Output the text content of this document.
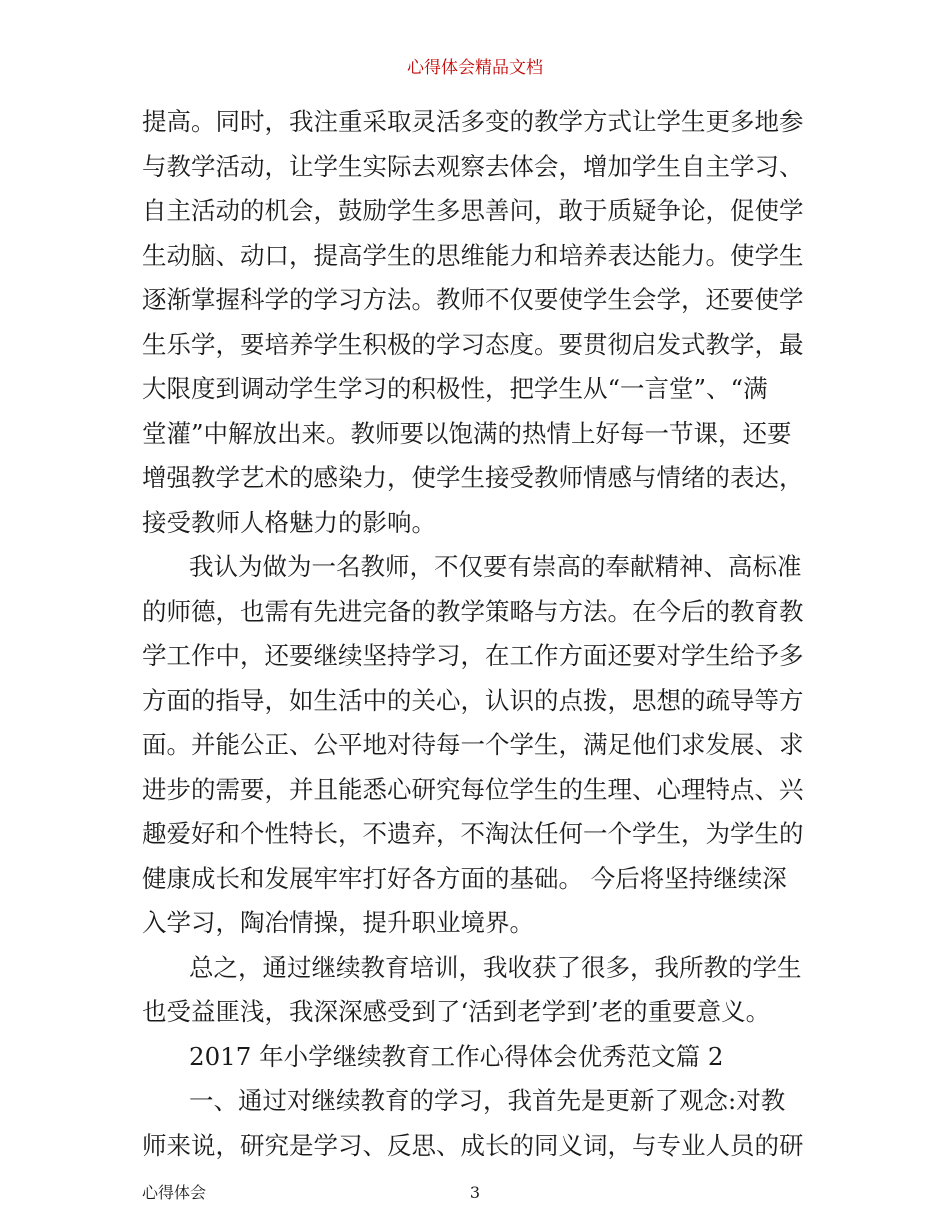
心得体会精品文档
提高。同时，我注重采取灵活多变的教学方式让学生更多地参
与教学活动，让学生实际去观察去体会，增加学生自主学习、
自主活动的机会，鼓励学生多思善问，敢于质疑争论，促使学
生动脑、动口，提高学生的思维能力和培养表达能力。使学生
逐渐掌握科学的学习方法。教师不仅要使学生会学，还要使学
生乐学，要培养学生积极的学习态度。要贯彻启发式教学，最
大限度到调动学生学习的积极性，把学生从“一言堂”、“满
堂灌”中解放出来。教师要以饱满的热情上好每一节课，还要
增强教学艺术的感染力，使学生接受教师情感与情绪的表达，
接受教师人格魅力的影响。
我认为做为一名教师，不仅要有崇高的奉献精神、高标准
的师德，也需有先进完备的教学策略与方法。在今后的教育教
学工作中，还要继续坚持学习，在工作方面还要对学生给予多
方面的指导，如生活中的关心，认识的点拨，思想的疏导等方
面。并能公正、公平地对待每一个学生，满足他们求发展、求
进步的需要，并且能悉心研究每位学生的生理、心理特点、兴
趣爱好和个性特长，不遗弃，不淘汰任何一个学生，为学生的
健康成长和发展牢牢打好各方面的基础。 今后将坚持继续深
入学习，陶冶情操，提升职业境界。
总之，通过继续教育培训，我收获了很多，我所教的学生
也受益匪浅，我深深感受到了‘活到老学到’老的重要意义。
2017 年小学继续教育工作心得体会优秀范文篇 2
一、通过对继续教育的学习，我首先是更新了观念:对教
师来说，研究是学习、反思、成长的同义词，与专业人员的研
心得体会	3
